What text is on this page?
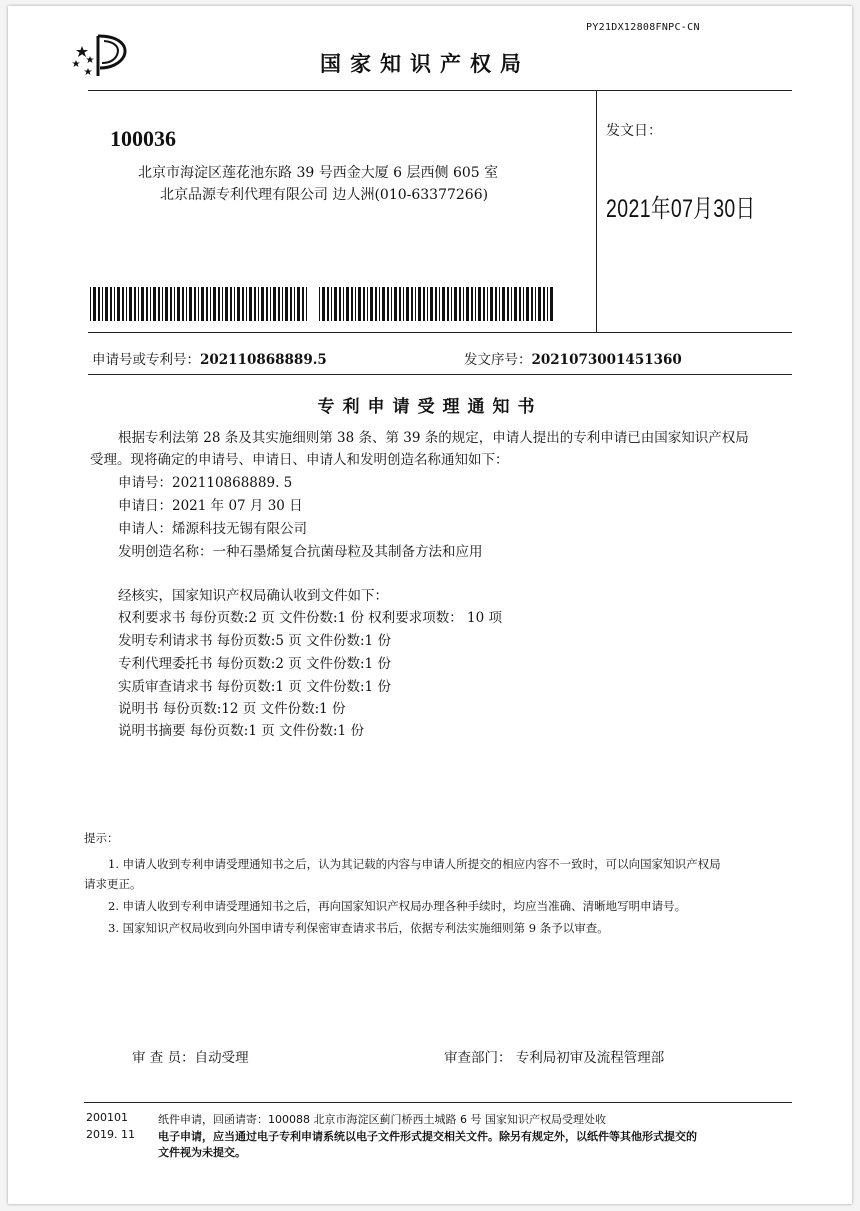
PY21DX12808FNPC-CN
国家知识产权局
100036
北京市海淀区莲花池东路 39 号西金大厦 6 层西侧 605 室
北京品源专利代理有限公司 边人洲(010-63377266)
发文日：
2021年07月30日
申请号或专利号：202110868889.5	发文序号：2021073001451360
专利申请受理通知书
根据专利法第 28 条及其实施细则第 38 条、第 39 条的规定，申请人提出的专利申请已由国家知识产权局
受理。现将确定的申请号、申请日、申请人和发明创造名称通知如下：
申请号：202110868889. 5
申请日：2021 年 07 月 30 日
申请人：烯源科技无锡有限公司
发明创造名称：一种石墨烯复合抗菌母粒及其制备方法和应用
经核实，国家知识产权局确认收到文件如下：
权利要求书 每份页数:2 页 文件份数:1 份 权利要求项数： 10 项
发明专利请求书 每份页数:5 页 文件份数:1 份
专利代理委托书 每份页数:2 页 文件份数:1 份
实质审查请求书 每份页数:1 页 文件份数:1 份
说明书 每份页数:12 页 文件份数:1 份
说明书摘要 每份页数:1 页 文件份数:1 份
提示：
1. 申请人收到专利申请受理通知书之后，认为其记载的内容与申请人所提交的相应内容不一致时，可以向国家知识产权局
请求更正。
2. 申请人收到专利申请受理通知书之后，再向国家知识产权局办理各种手续时，均应当准确、清晰地写明申请号。
3. 国家知识产权局收到向外国申请专利保密审查请求书后，依据专利法实施细则第 9 条予以审查。
审 查 员：自动受理	审查部门： 专利局初审及流程管理部
200101
2019. 11
纸件申请，回函请寄：100088 北京市海淀区蓟门桥西土城路 6 号 国家知识产权局受理处收
电子申请，应当通过电子专利申请系统以电子文件形式提交相关文件。除另有规定外，以纸件等其他形式提交的
文件视为未提交。
